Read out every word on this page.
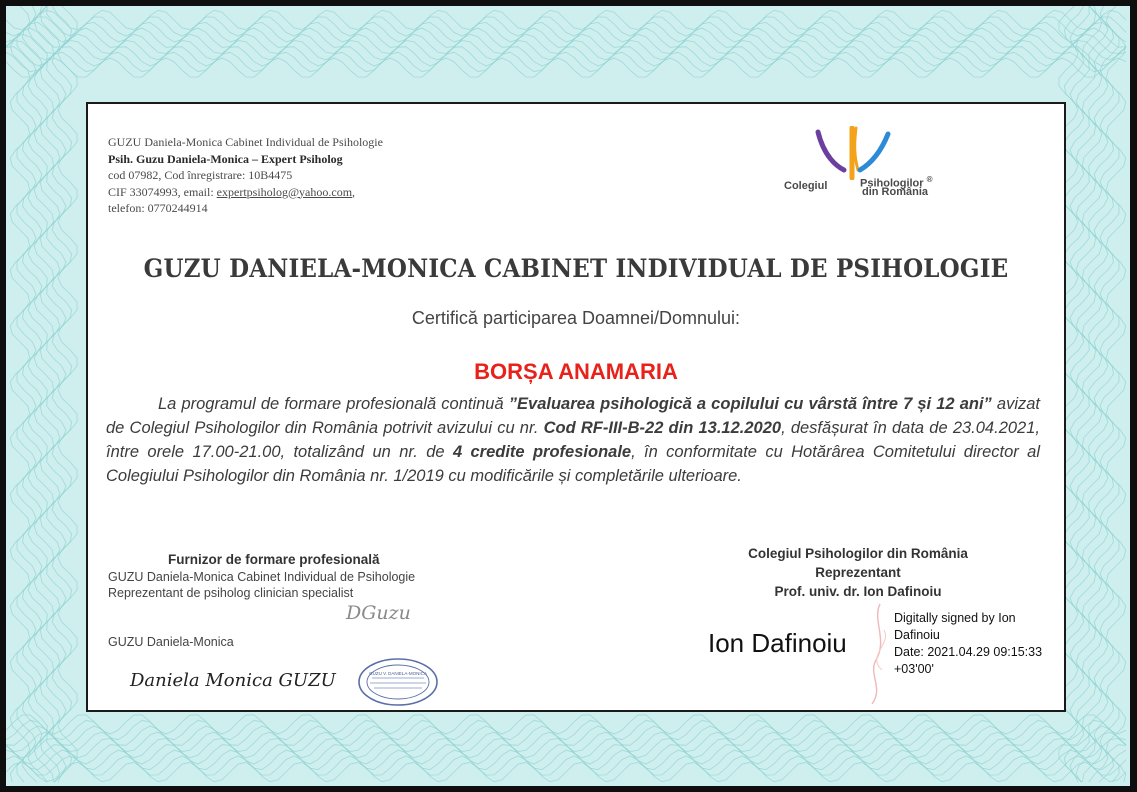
GUZU Daniela-Monica Cabinet Individual de Psihologie
Psih. Guzu Daniela-Monica – Expert Psiholog
cod 07982, Cod înregistrare: 10B4475
CIF 33074993, email: expertpsiholog@yahoo.com,
telefon: 0770244914
Colegiul	Psihologilor ®
din România
GUZU DANIELA-MONICA CABINET INDIVIDUAL DE PSIHOLOGIE
Certifică participarea Doamnei/Domnului:
BORȘA ANAMARIA
La programul de formare profesională continuă ”Evaluarea psihologică a copilului cu vârstă între 7 și 12 ani” avizat de Colegiul Psihologilor din România potrivit avizului cu nr. Cod RF-III-B-22 din 13.12.2020, desfășurat în data de 23.04.2021, între orele 17.00-21.00, totalizând un nr. de 4 credite profesionale, în conformitate cu Hotărârea Comitetului director al Colegiului Psihologilor din România nr. 1/2019 cu modificările și completările ulterioare.
Furnizor de formare profesională
GUZU Daniela-Monica Cabinet Individual de Psihologie
Reprezentant de psiholog clinician specialist
DGuzu
GUZU Daniela-Monica
Daniela Monica GUZU	GUZU V. DANIELA-MONICA
Colegiul Psihologilor din România
Reprezentant
Prof. univ. dr. Ion Dafinoiu
Ion Dafinoiu
Digitally signed by Ion
Dafinoiu
Date: 2021.04.29 09:15:33
+03'00'
